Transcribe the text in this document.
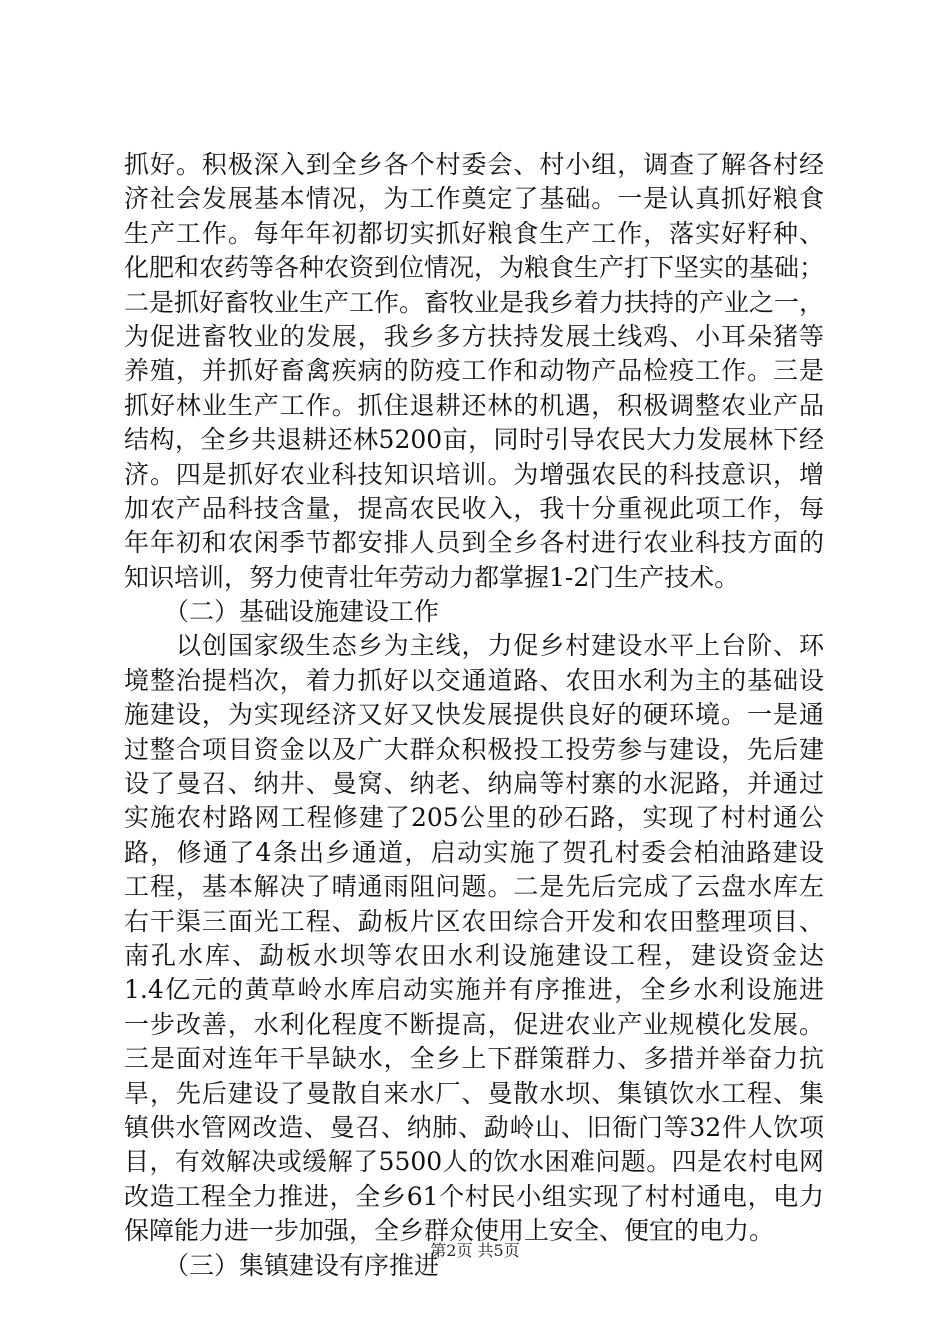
抓好。积极深入到全乡各个村委会、村小组，调查了解各村经
济社会发展基本情况，为工作奠定了基础。一是认真抓好粮食
生产工作。每年年初都切实抓好粮食生产工作，落实好籽种、
化肥和农药等各种农资到位情况，为粮食生产打下坚实的基础；
二是抓好畜牧业生产工作。畜牧业是我乡着力扶持的产业之一，
为促进畜牧业的发展，我乡多方扶持发展土线鸡、小耳朵猪等
养殖，并抓好畜禽疾病的防疫工作和动物产品检疫工作。三是
抓好林业生产工作。抓住退耕还林的机遇，积极调整农业产品
结构，全乡共退耕还林5200亩，同时引导农民大力发展林下经
济。四是抓好农业科技知识培训。为增强农民的科技意识，增
加农产品科技含量，提高农民收入，我十分重视此项工作，每
年年初和农闲季节都安排人员到全乡各村进行农业科技方面的
知识培训，努力使青壮年劳动力都掌握1-2门生产技术。
（二）基础设施建设工作
　　以创国家级生态乡为主线，力促乡村建设水平上台阶、环
境整治提档次，着力抓好以交通道路、农田水利为主的基础设
施建设，为实现经济又好又快发展提供良好的硬环境。一是通
过整合项目资金以及广大群众积极投工投劳参与建设，先后建
设了曼召、纳井、曼窝、纳老、纳扁等村寨的水泥路，并通过
实施农村路网工程修建了205公里的砂石路，实现了村村通公
路，修通了4条出乡通道，启动实施了贺孔村委会柏油路建设
工程，基本解决了晴通雨阻问题。二是先后完成了云盘水库左
右干渠三面光工程、勐板片区农田综合开发和农田整理项目、
南孔水库、勐板水坝等农田水利设施建设工程，建设资金达
1.4亿元的黄草岭水库启动实施并有序推进，全乡水利设施进
一步改善，水利化程度不断提高，促进农业产业规模化发展。
三是面对连年干旱缺水，全乡上下群策群力、多措并举奋力抗
旱，先后建设了曼散自来水厂、曼散水坝、集镇饮水工程、集
镇供水管网改造、曼召、纳肺、勐岭山、旧衙门等32件人饮项
目，有效解决或缓解了5500人的饮水困难问题。四是农村电网
改造工程全力推进，全乡61个村民小组实现了村村通电，电力
保障能力进一步加强，全乡群众使用上安全、便宜的电力。
（三）集镇建设有序推进
第2页 共5页
